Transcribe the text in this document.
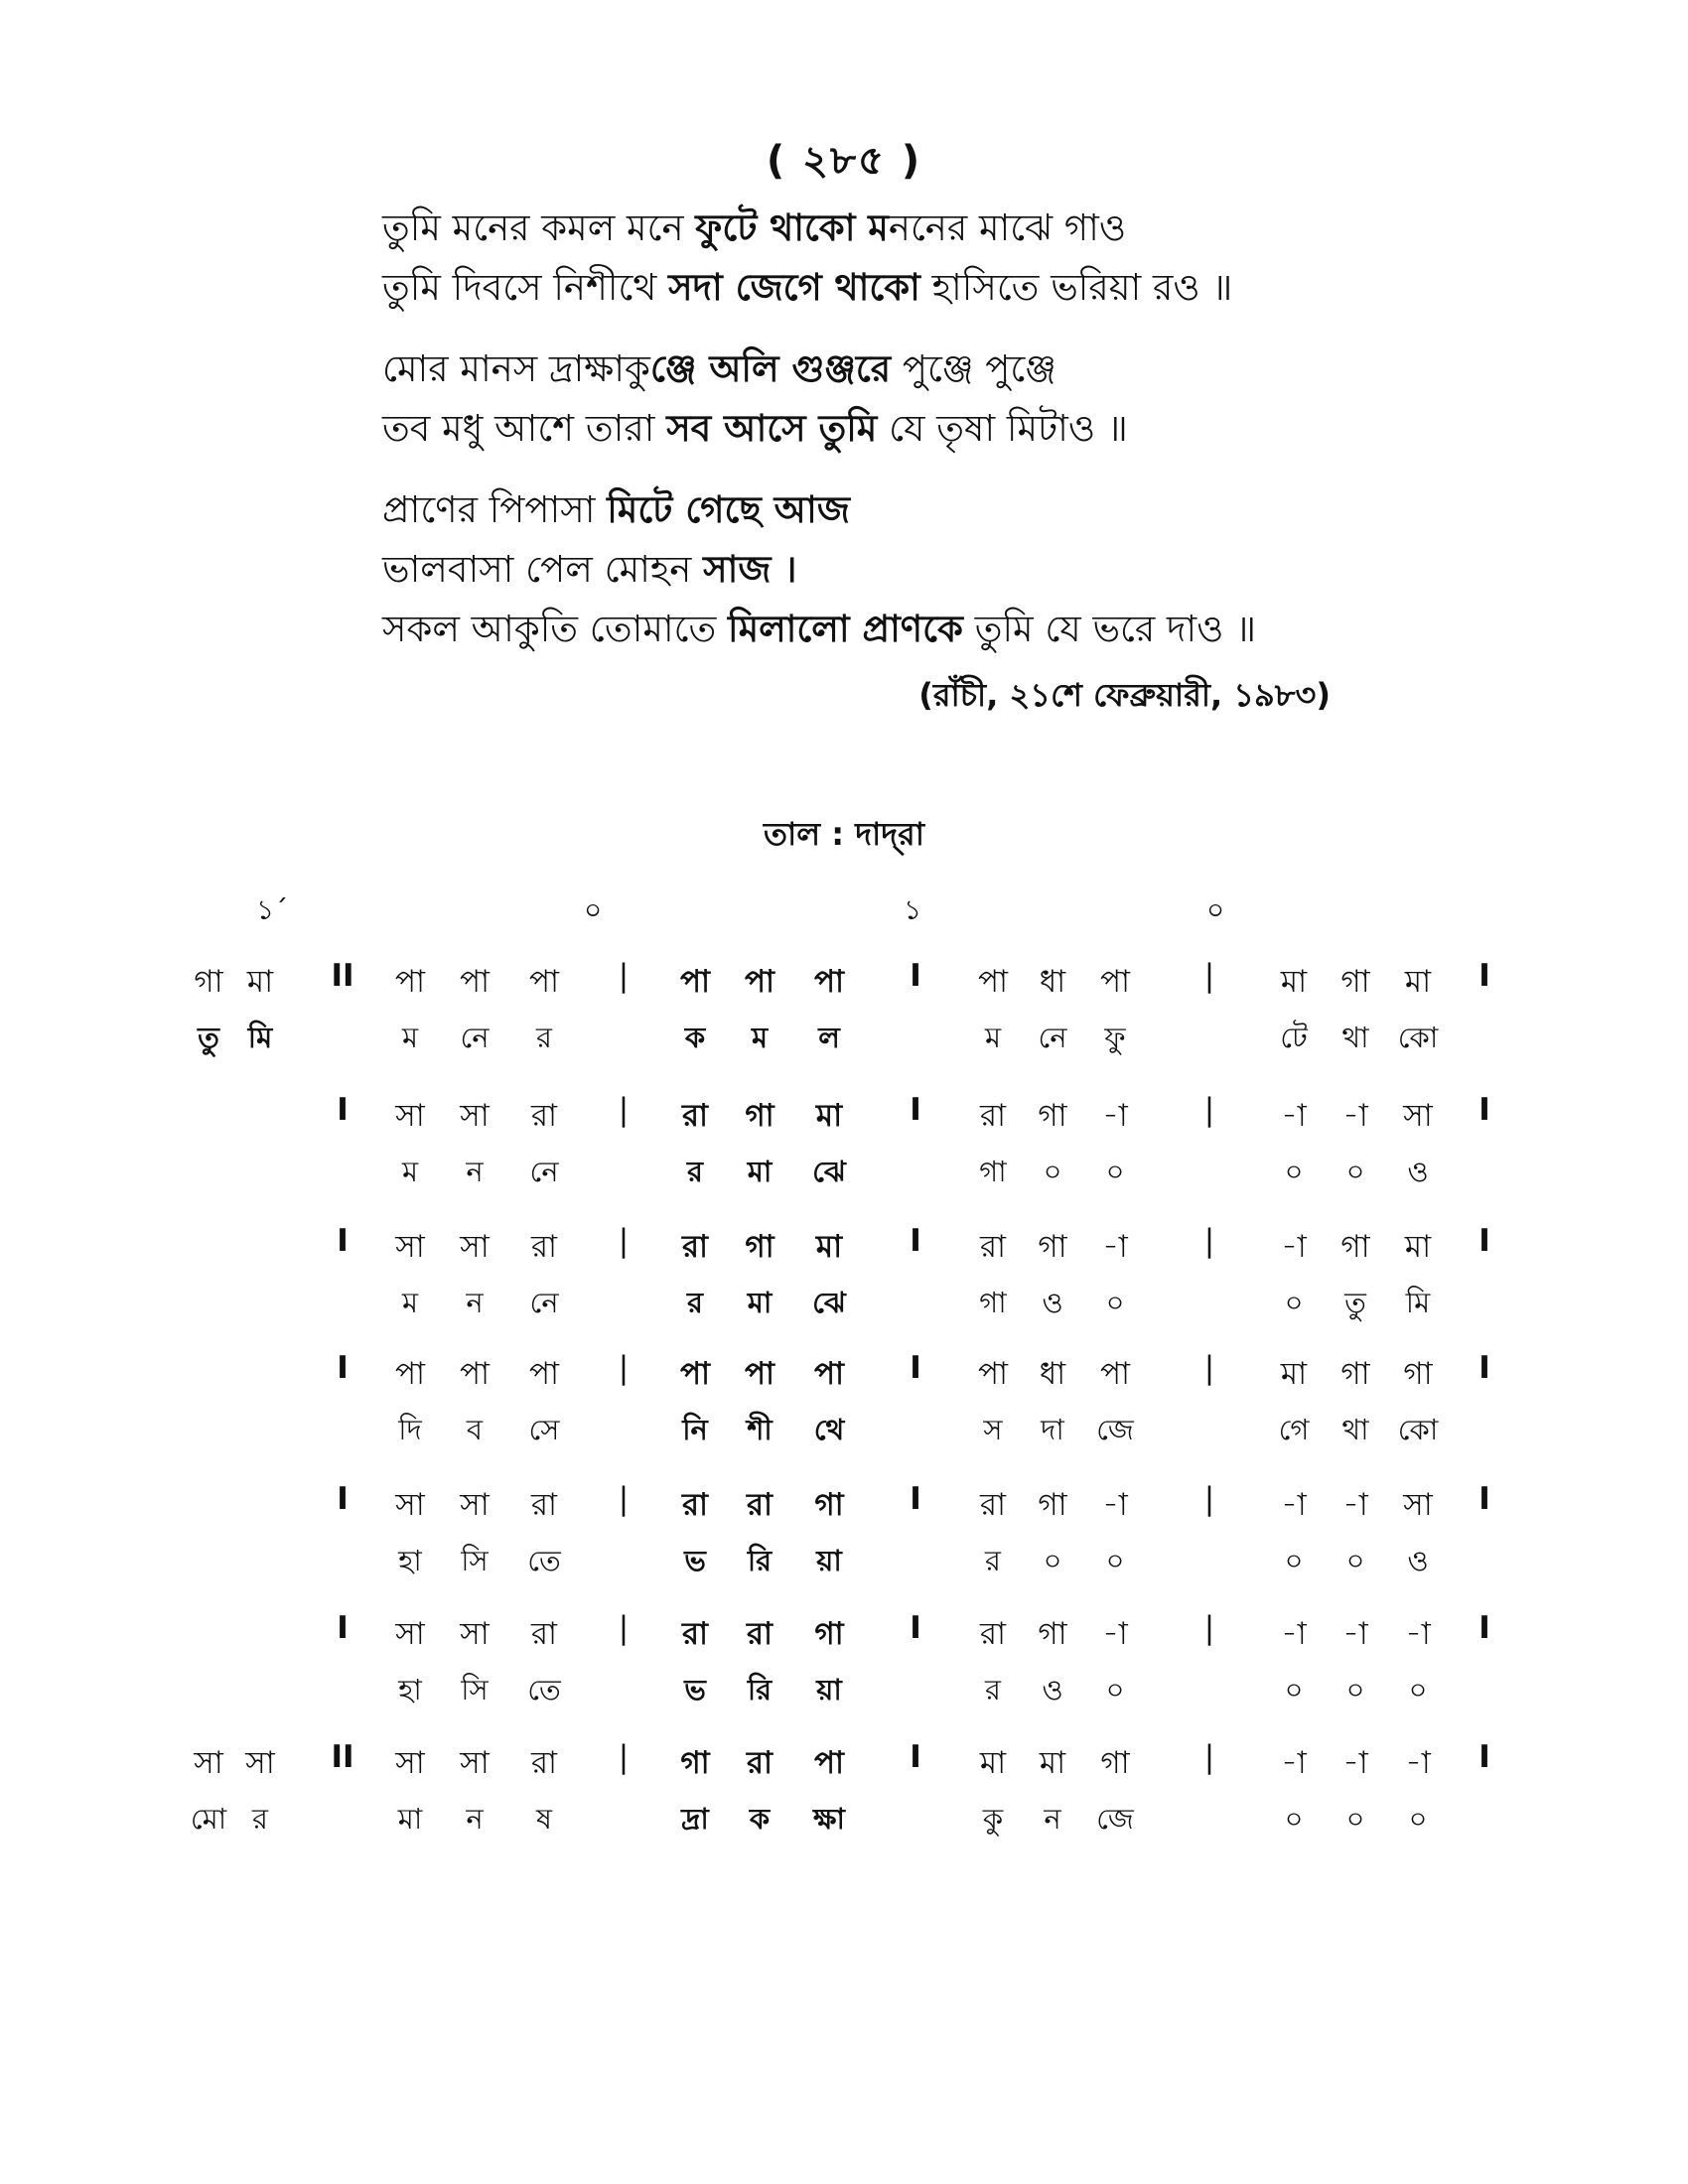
( ২৮৫ )
তুমি মনের কমল মনে ফুটে থাকো মননের মাঝে গাও
তুমি দিবসে নিশীথে সদা জেগে থাকো হাসিতে ভরিয়া রও ॥
মোর মানস দ্রাক্ষাকুঞ্জে অলি গুঞ্জরে পুঞ্জে পুঞ্জে
তব মধু আশে তারা সব আসে তুমি যে তৃষা মিটাও ॥
প্রাণের পিপাসা মিটে গেছে আজ
ভালবাসা পেল মোহন সাজ ।
সকল আকুতি তোমাতে মিলালো প্রাণকে তুমি যে ভরে দাও ॥
(রাঁচী, ২১শে ফেব্রুয়ারী, ১৯৮৩)
তাল : দাদ্‌রা
১´	০	১	০
গা মা II পা পা পা | পা পা পা I পা ধা পা | মা গা মা I
তু মি	ম নে র	ক ম ল	ম নে ফু	টে থা কো
I সা সা রা | রা গা মা I রা গা -া | -া -া সা I
ম ন নে	র মা ঝে	গা ০ ০	০ ০ ও
I সা সা রা | রা গা মা I রা গা -া | -া গা মা I
ম ন নে	র মা ঝে	গা ও ০	০ তু মি
I পা পা পা | পা পা পা I পা ধা পা | মা গা গা I
দি ব সে	নি শী থে	স দা জে	গে থা কো
I সা সা রা | রা রা গা I রা গা -া | -া -া সা I
হা সি তে	ভ রি য়া	র ০ ০	০ ০ ও
I সা সা রা | রা রা গা I রা গা -া | -া -া -া I
হা সি তে	ভ রি য়া	র ও ০	০ ০ ০
সা সা II সা সা রা | গা রা পা I মা মা গা | -া -া -া I
মো র	মা ন ষ	দ্রা ক ক্ষা	কু ন জে	০ ০ ০
